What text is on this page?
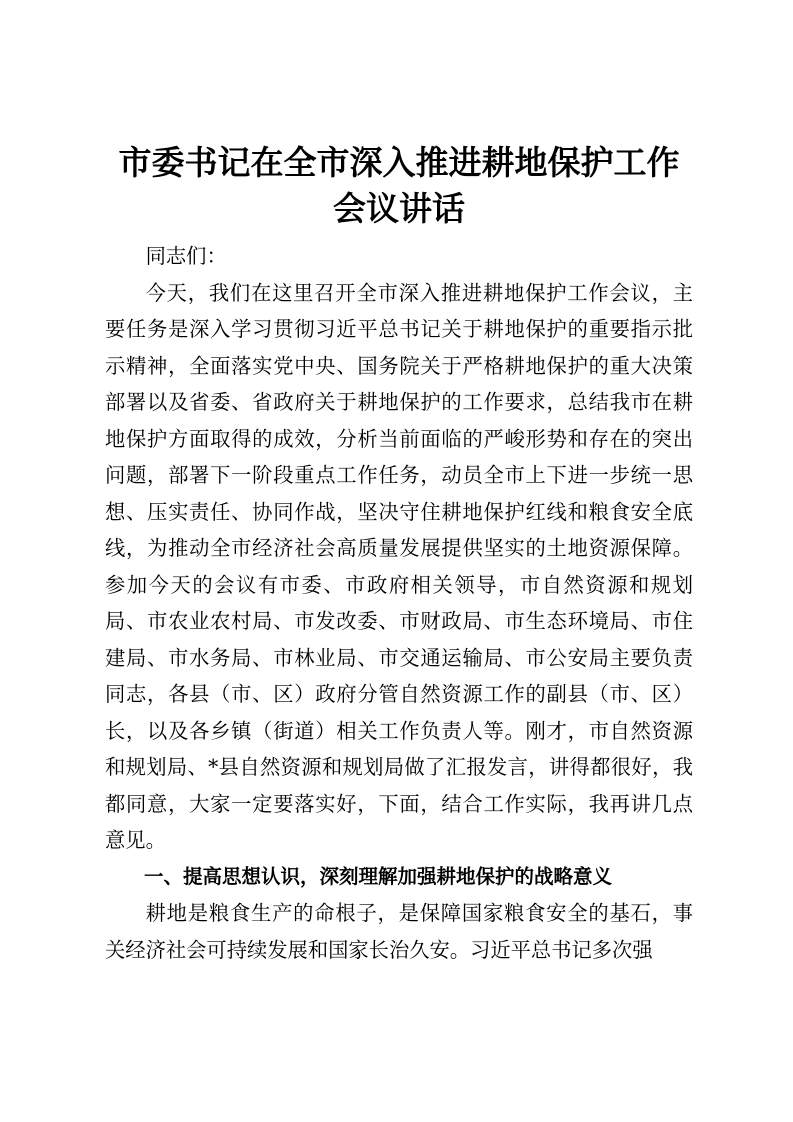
市委书记在全市深入推进耕地保护工作会议讲话

同志们：

今天，我们在这里召开全市深入推进耕地保护工作会议，主要任务是深入学习贯彻习近平总书记关于耕地保护的重要指示批示精神，全面落实党中央、国务院关于严格耕地保护的重大决策部署以及省委、省政府关于耕地保护的工作要求，总结我市在耕地保护方面取得的成效，分析当前面临的严峻形势和存在的突出问题，部署下一阶段重点工作任务，动员全市上下进一步统一思想、压实责任、协同作战，坚决守住耕地保护红线和粮食安全底线，为推动全市经济社会高质量发展提供坚实的土地资源保障。参加今天的会议有市委、市政府相关领导，市自然资源和规划局、市农业农村局、市发改委、市财政局、市生态环境局、市住建局、市水务局、市林业局、市交通运输局、市公安局主要负责同志，各县（市、区）政府分管自然资源工作的副县（市、区）长，以及各乡镇（街道）相关工作负责人等。刚才，市自然资源和规划局、*县自然资源和规划局做了汇报发言，讲得都很好，我都同意，大家一定要落实好，下面，结合工作实际，我再讲几点意见。

一、提高思想认识，深刻理解加强耕地保护的战略意义

耕地是粮食生产的命根子，是保障国家粮食安全的基石，事关经济社会可持续发展和国家长治久安。习近平总书记多次强
